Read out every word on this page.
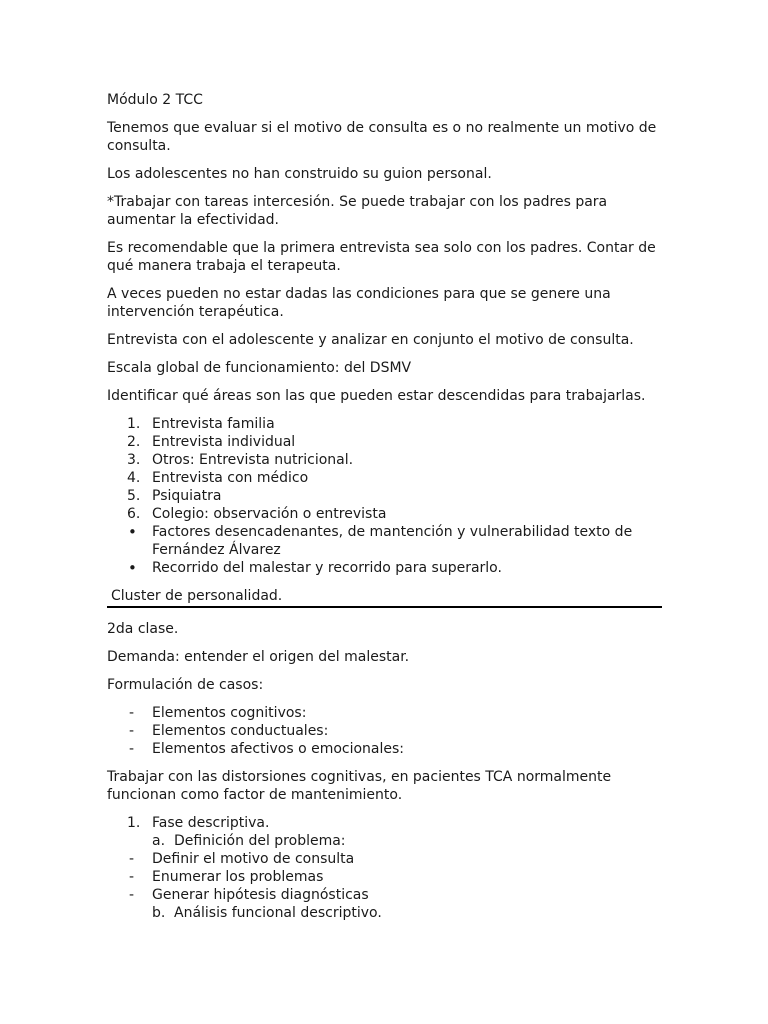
Módulo 2 TCC

Tenemos que evaluar si el motivo de consulta es o no realmente un motivo de consulta.

Los adolescentes no han construido su guion personal.

*Trabajar con tareas intercesión. Se puede trabajar con los padres para aumentar la efectividad.

Es recomendable que la primera entrevista sea solo con los padres. Contar de qué manera trabaja el terapeuta.

A veces pueden no estar dadas las condiciones para que se genere una intervención terapéutica.

Entrevista con el adolescente y analizar en conjunto el motivo de consulta.

Escala global de funcionamiento: del DSMV

Identificar qué áreas son las que pueden estar descendidas para trabajarlas.

1. Entrevista familia
2. Entrevista individual
3. Otros: Entrevista nutricional.
4. Entrevista con médico
5. Psiquiatra
6. Colegio: observación o entrevista
• Factores desencadenantes, de mantención y vulnerabilidad texto de Fernández Álvarez
• Recorrido del malestar y recorrido para superarlo.

Cluster de personalidad.

2da clase.

Demanda: entender el origen del malestar.

Formulación de casos:

- Elementos cognitivos:
- Elementos conductuales:
- Elementos afectivos o emocionales:

Trabajar con las distorsiones cognitivas, en pacientes TCA normalmente funcionan como factor de mantenimiento.

1. Fase descriptiva.
a. Definición del problema:
- Definir el motivo de consulta
- Enumerar los problemas
- Generar hipótesis diagnósticas
b. Análisis funcional descriptivo.
